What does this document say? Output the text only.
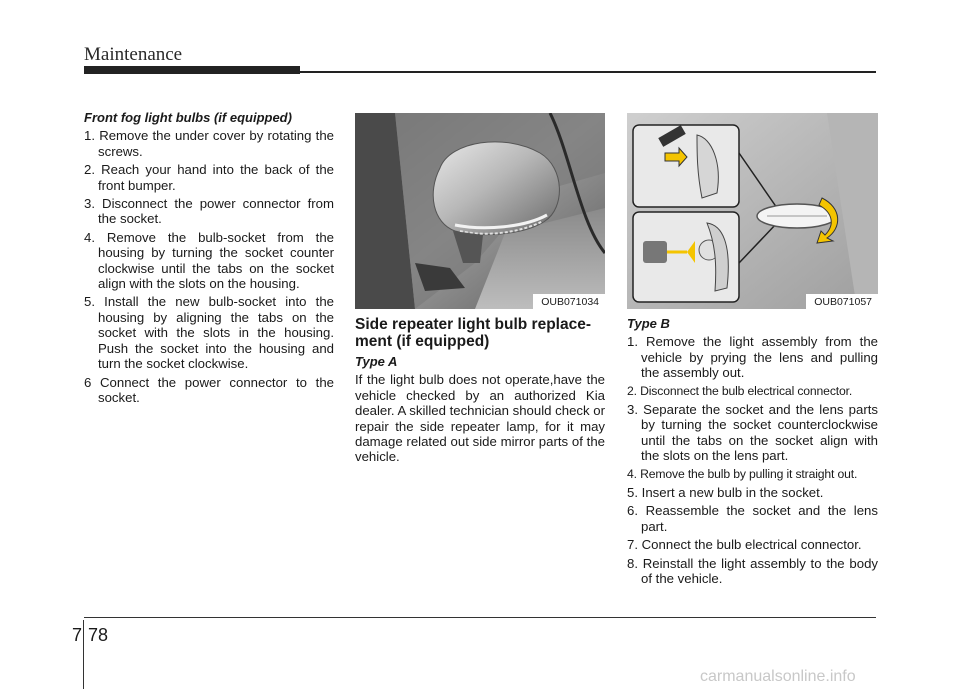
Maintenance
Front fog light bulbs (if equipped)
1. Remove the under cover by rotating the screws.
2. Reach your hand into the back of the front bumper.
3. Disconnect the power connector from the socket.
4. Remove the bulb-socket from the housing by turning the socket counter clockwise until the tabs on the socket align with the slots on the housing.
5. Install the new bulb-socket into the housing by aligning the tabs on the socket with the slots in the housing. Push the socket into the housing and turn the socket clockwise.
6 Connect the power connector to the socket.
OUB071034	OUB071057
Side repeater light bulb replace-ment (if equipped)
Type A

If the light bulb does not operate,have the vehicle checked by an authorized Kia dealer. A skilled technician should check or repair the side repeater lamp, for it may damage related out side mirror parts of the vehicle.

Type B
1. Remove the light assembly from the vehicle by prying the lens and pulling the assembly out.
2. Disconnect the bulb electrical connector.
3. Separate the socket and the lens parts by turning the socket counterclockwise until the tabs on the socket align with the slots on the lens part.
4. Remove the bulb by pulling it straight out.
5. Insert a new bulb in the socket.
6. Reassemble the socket and the lens part.
7. Connect the bulb electrical connector.
8. Reinstall the light assembly to the body of the vehicle.
7 78
carmanualsonline.info
